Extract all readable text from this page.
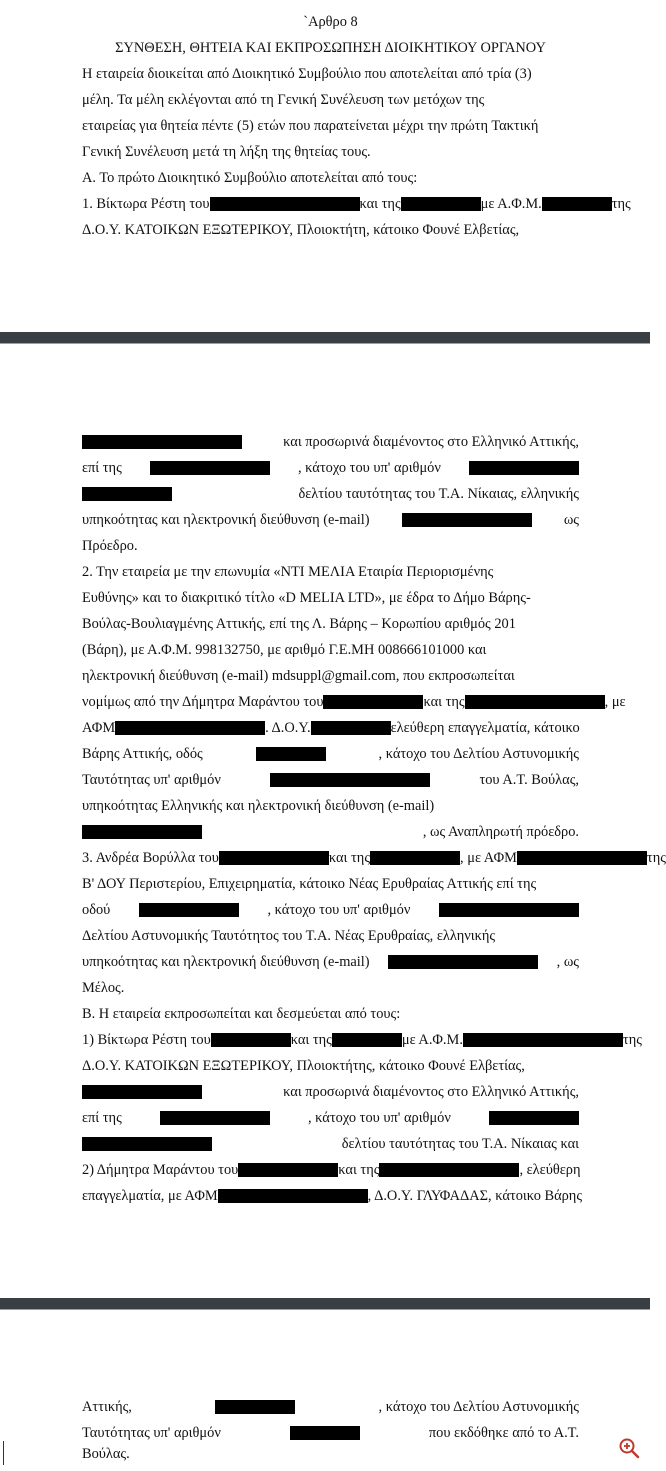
`Αρθρο 8

ΣΥΝΘΕΣΗ, ΘΗΤΕΙΑ ΚΑΙ ΕΚΠΡΟΣΩΠΗΣΗ ΔΙΟΙΚΗΤΙΚΟΥ ΟΡΓΑΝΟΥ

Η εταιρεία διοικείται από Διοικητικό Συμβούλιο που αποτελείται από τρία (3)

μέλη. Τα μέλη εκλέγονται από τη Γενική Συνέλευση των μετόχων της

εταιρείας για θητεία πέντε (5) ετών που παρατείνεται μέχρι την πρώτη Τακτική

Γενική Συνέλευση μετά τη λήξη της θητείας τους.

Α. Το πρώτο Διοικητικό Συμβούλιο αποτελείται από τους:

1. Βίκτωρα Ρέστη του	και της	με Α.Φ.Μ.	της

Δ.Ο.Υ. ΚΑΤΟΙΚΩΝ ΕΞΩΤΕΡΙΚΟΥ, Πλοιοκτήτη, κάτοικο Φουνέ Ελβετίας,

και προσωρινά διαμένοντος στο Ελληνικό Αττικής,

επί της	, κάτοχο του υπ' αριθμόν

δελτίου ταυτότητας του Τ.Α. Νίκαιας, ελληνικής

υπηκοότητας και ηλεκτρονική διεύθυνση (e-mail)	ως

Πρόεδρο.

2. Την εταιρεία με την επωνυμία «ΝΤΙ ΜΕΛΙΑ Εταιρία Περιορισμένης

Ευθύνης» και το διακριτικό τίτλο «D MELIA LTD», με έδρα το Δήμο Βάρης-

Βούλας-Βουλιαγμένης Αττικής, επί της Λ. Βάρης – Κορωπίου αριθμός 201

(Βάρη), με Α.Φ.Μ. 998132750, με αριθμό Γ.Ε.ΜΗ 008666101000 και

ηλεκτρονική διεύθυνση (e-mail) mdsuppl@gmail.com, που εκπροσωπείται

νομίμως από την Δήμητρα Μαράντου του	και της	, με

ΑΦΜ	. Δ.Ο.Υ.	ελεύθερη επαγγελματία, κάτοικο

Βάρης Αττικής, οδός	, κάτοχο του Δελτίου Αστυνομικής

Ταυτότητας υπ' αριθμόν	του Α.Τ. Βούλας,

υπηκοότητας Ελληνικής και ηλεκτρονική διεύθυνση (e-mail)

, ως Αναπληρωτή πρόεδρο.

3. Ανδρέα Βορύλλα του	και της	, με ΑΦΜ	της

Β' ΔΟΥ Περιστερίου, Επιχειρηματία, κάτοικο Νέας Ερυθραίας Αττικής επί της

οδού	, κάτοχο του υπ' αριθμόν

Δελτίου Αστυνομικής Ταυτότητος του Τ.Α. Νέας Ερυθραίας, ελληνικής

υπηκοότητας και ηλεκτρονική διεύθυνση (e-mail)	, ως

Μέλος.

Β. Η εταιρεία εκπροσωπείται και δεσμεύεται από τους:

1) Βίκτωρα Ρέστη του	και της	με Α.Φ.Μ.	της

Δ.Ο.Υ. ΚΑΤΟΙΚΩΝ ΕΞΩΤΕΡΙΚΟΥ, Πλοιοκτήτης, κάτοικο Φουνέ Ελβετίας,

και προσωρινά διαμένοντος στο Ελληνικό Αττικής,

επί της	, κάτοχο του υπ' αριθμόν

δελτίου ταυτότητας του Τ.Α. Νίκαιας και

2) Δήμητρα Μαράντου του	και της	, ελεύθερη

επαγγελματία, με ΑΦΜ	, Δ.Ο.Υ. ΓΛΥΦΑΔΑΣ, κάτοικο Βάρης

Αττικής,	, κάτοχο του Δελτίου Αστυνομικής

Ταυτότητας υπ' αριθμόν	που εκδόθηκε από το Α.Τ.

Βούλας.
